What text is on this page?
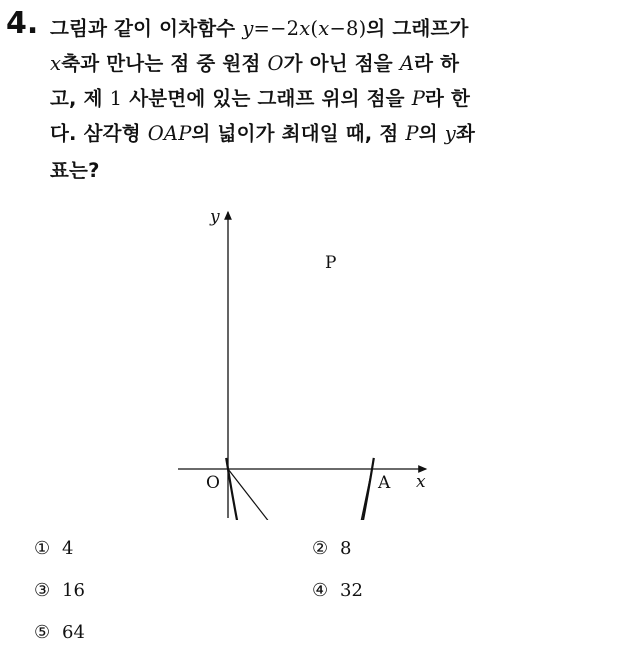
4. 그림과 같이 이차함수 y=−2x(x−8)의 그래프가
x축과 만나는 점 중 원점 O가 아닌 점을 A라 하
고, 제 1 사분면에 있는 그래프 위의 점을 P라 한
다. 삼각형 OAP의 넓이가 최대일 때, 점 P의 y좌
표는?
y
x
O	A
P
① 4	② 8
③ 16	④ 32
⑤ 64
